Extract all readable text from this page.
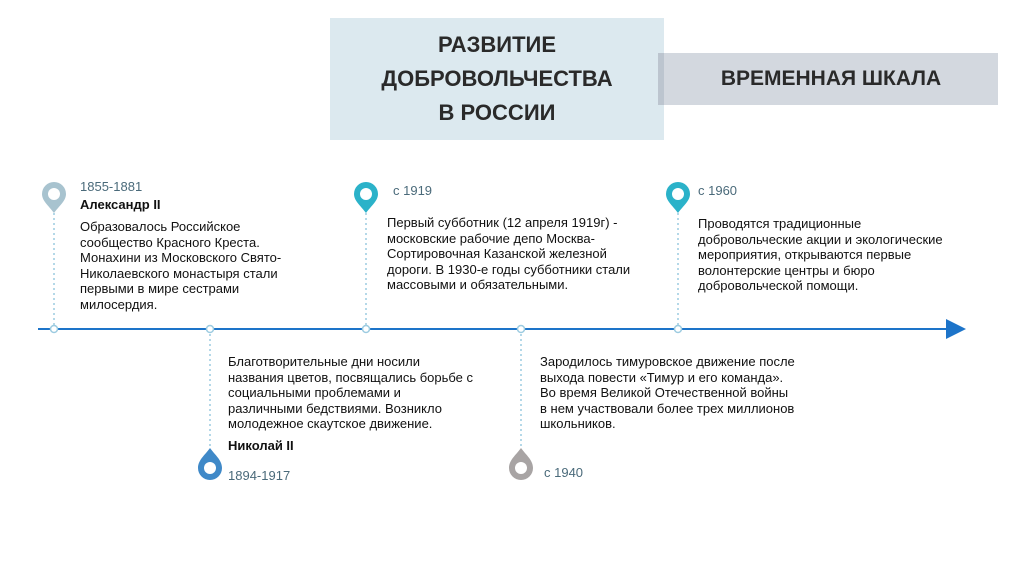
РАЗВИТИЕ
ДОБРОВОЛЬЧЕСТВА
В РОССИИ
ВРЕМЕННАЯ ШКАЛА
1855-1881
Александр II
Образовалось Российское сообщество Красного Креста. Монахини из Московского Свято-Николаевского монастыря стали первыми в мире сестрами милосердия.
Благотворительные дни носили названия цветов, посвящались борьбе с социальными проблемами и различными бедствиями. Возникло молодежное скаутское движение.
Николай II
1894-1917
с 1919
Первый субботник (12 апреля 1919г) - московские рабочие депо Москва-Сортировочная Казанской железной дороги. В 1930-е годы субботники стали массовыми и обязательными.
Зародилось тимуровское движение после выхода повести «Тимур и его команда». Во время Великой Отечественной войны в нем участвовали более трех миллионов школьников.
с 1940
с 1960
Проводятся традиционные добровольческие акции и экологические мероприятия, открываются первые волонтерские центры и бюро добровольческой помощи.
